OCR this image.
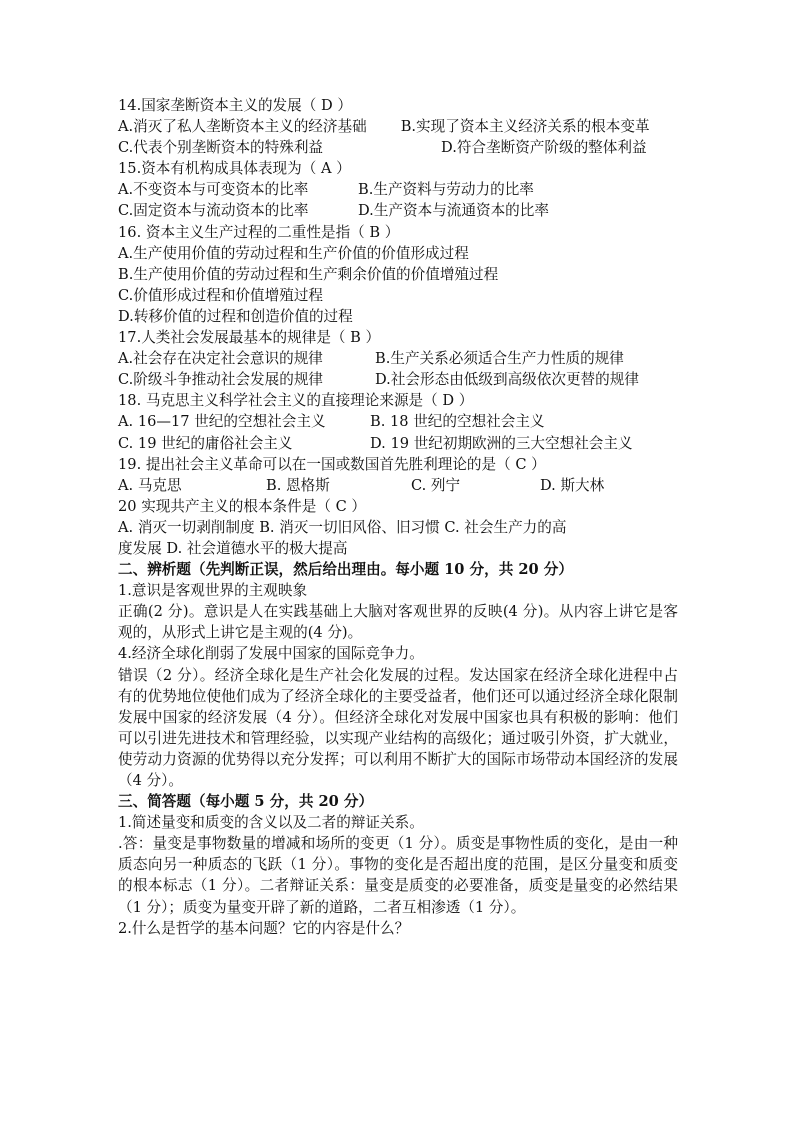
14.国家垄断资本主义的发展（ D ）
A.消灭了私人垄断资本主义的经济基础 B.实现了资本主义经济关系的根本变革
C.代表个别垄断资本的特殊利益	D.符合垄断资产阶级的整体利益
15.资本有机构成具体表现为（ A ）
A.不变资本与可变资本的比率	B.生产资料与劳动力的比率
C.固定资本与流动资本的比率	D.生产资本与流通资本的比率
16. 资本主义生产过程的二重性是指（ B ）
A.生产使用价值的劳动过程和生产价值的价值形成过程
B.生产使用价值的劳动过程和生产剩余价值的价值增殖过程
C.价值形成过程和价值增殖过程
D.转移价值的过程和创造价值的过程
17.人类社会发展最基本的规律是（ B ）
A.社会存在决定社会意识的规律	B.生产关系必须适合生产力性质的规律
C.阶级斗争推动社会发展的规律	D.社会形态由低级到高级依次更替的规律
18. 马克思主义科学社会主义的直接理论来源是（ D ）
A. 16—17 世纪的空想社会主义	B. 18 世纪的空想社会主义
C. 19 世纪的庸俗社会主义	D. 19 世纪初期欧洲的三大空想社会主义
19. 提出社会主义革命可以在一国或数国首先胜利理论的是（ C ）
A. 马克思	B. 恩格斯	C. 列宁	D. 斯大林
20 实现共产主义的根本条件是（ C ）
A. 消灭一切剥削制度 B. 消灭一切旧风俗、旧习惯 C. 社会生产力的高
度发展 D. 社会道德水平的极大提高
二、辨析题（先判断正误，然后给出理由。每小题 10 分，共 20 分）
1.意识是客观世界的主观映象
正确(2 分)。意识是人在实践基础上大脑对客观世界的反映(4 分)。从内容上讲它是客观的，从形式上讲它是主观的(4 分)。
4.经济全球化削弱了发展中国家的国际竞争力。
错误（2 分）。经济全球化是生产社会化发展的过程。发达国家在经济全球化进程中占有的优势地位使他们成为了经济全球化的主要受益者，他们还可以通过经济全球化限制发展中国家的经济发展（4 分）。但经济全球化对发展中国家也具有积极的影响：他们可以引进先进技术和管理经验，以实现产业结构的高级化；通过吸引外资，扩大就业，使劳动力资源的优势得以充分发挥；可以利用不断扩大的国际市场带动本国经济的发展（4 分）。
三、简答题（每小题 5 分，共 20 分）
1.简述量变和质变的含义以及二者的辩证关系。
.答：量变是事物数量的增减和场所的变更（1 分）。质变是事物性质的变化，是由一种质态向另一种质态的飞跃（1 分）。事物的变化是否超出度的范围，是区分量变和质变的根本标志（1 分）。二者辩证关系：量变是质变的必要准备，质变是量变的必然结果（1 分）；质变为量变开辟了新的道路，二者互相渗透（1 分）。
2.什么是哲学的基本问题？它的内容是什么？
